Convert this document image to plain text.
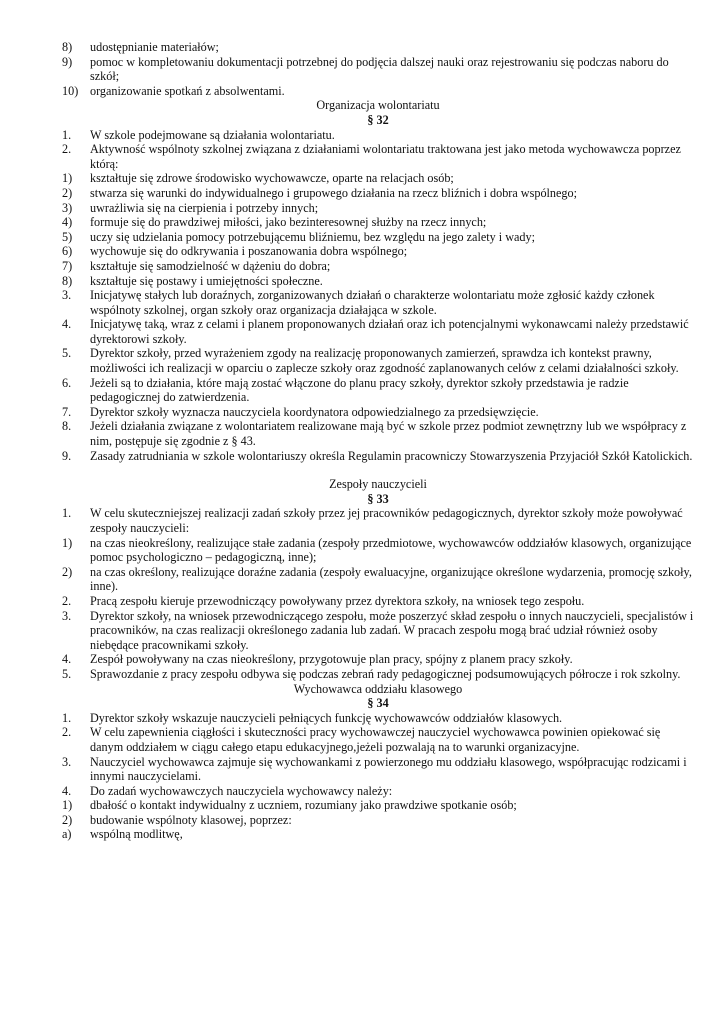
8) udostępnianie materiałów;
9) pomoc w kompletowaniu dokumentacji potrzebnej do podjęcia dalszej nauki oraz rejestrowaniu się podczas naboru do szkół;
10) organizowanie spotkań z absolwentami.
Organizacja wolontariatu
§ 32
1. W szkole podejmowane są działania wolontariatu.
2. Aktywność wspólnoty szkolnej związana z działaniami wolontariatu traktowana jest jako metoda wychowawcza poprzez którą:
1) kształtuje się zdrowe środowisko wychowawcze, oparte na relacjach osób;
2) stwarza się warunki do indywidualnego i grupowego działania na rzecz bliźnich i dobra wspólnego;
3) uwrażliwia się na cierpienia i potrzeby innych;
4) formuje się do prawdziwej miłości, jako bezinteresownej służby na rzecz innych;
5) uczy się udzielania pomocy potrzebującemu bliźniemu, bez względu na jego zalety i wady;
6) wychowuje się do odkrywania i poszanowania dobra wspólnego;
7) kształtuje się samodzielność w dążeniu do dobra;
8) kształtuje się postawy i umiejętności społeczne.
3. Inicjatywę stałych lub doraźnych, zorganizowanych działań o charakterze wolontariatu może zgłosić każdy członek wspólnoty szkolnej, organ szkoły oraz organizacja działająca w szkole.
4. Inicjatywę taką, wraz z celami i planem proponowanych działań oraz ich potencjalnymi wykonawcami należy przedstawić dyrektorowi szkoły.
5. Dyrektor szkoły, przed wyrażeniem zgody na realizację proponowanych zamierzeń, sprawdza ich kontekst prawny, możliwości ich realizacji w oparciu o zaplecze szkoły oraz zgodność zaplanowanych celów z celami działalności szkoły.
6. Jeżeli są to działania, które mają zostać włączone do planu pracy szkoły, dyrektor szkoły przedstawia je radzie pedagogicznej do zatwierdzenia.
7. Dyrektor szkoły wyznacza nauczyciela koordynatora odpowiedzialnego za przedsięwzięcie.
8. Jeżeli działania związane z wolontariatem realizowane mają być w szkole przez podmiot zewnętrzny lub we współpracy z nim, postępuje się zgodnie z § 43.
9. Zasady zatrudniania w szkole wolontariuszy określa Regulamin pracowniczy Stowarzyszenia Przyjaciół Szkół Katolickich.
Zespoły nauczycieli
§ 33
1. W celu skuteczniejszej realizacji zadań szkoły przez jej pracowników pedagogicznych, dyrektor szkoły może powoływać zespoły nauczycieli:
1) na czas nieokreślony, realizujące stałe zadania (zespoły przedmiotowe, wychowawców oddziałów klasowych, organizujące pomoc psychologiczno – pedagogiczną, inne);
2) na czas określony, realizujące doraźne zadania (zespoły ewaluacyjne, organizujące określone wydarzenia, promocję szkoły, inne).
2. Pracą zespołu kieruje przewodniczący powoływany przez dyrektora szkoły, na wniosek tego zespołu.
3. Dyrektor szkoły, na wniosek przewodniczącego zespołu, może poszerzyć skład zespołu o innych nauczycieli, specjalistów i pracowników, na czas realizacji określonego zadania lub zadań. W pracach zespołu mogą brać udział również osoby niebędące pracownikami szkoły.
4. Zespół powoływany na czas nieokreślony, przygotowuje plan pracy, spójny z planem pracy szkoły.
5. Sprawozdanie z pracy zespołu odbywa się podczas zebrań rady pedagogicznej podsumowujących półrocze i rok szkolny.
Wychowawca oddziału klasowego
§ 34
1. Dyrektor szkoły wskazuje nauczycieli pełniących funkcję wychowawców oddziałów klasowych.
2. W celu zapewnienia ciągłości i skuteczności pracy wychowawczej nauczyciel wychowawca powinien opiekować się danym oddziałem w ciągu całego etapu edukacyjnego,jeżeli pozwalają na to warunki organizacyjne.
3. Nauczyciel wychowawca zajmuje się wychowankami z powierzonego mu oddziału klasowego, współpracując rodzicami i innymi nauczycielami.
4. Do zadań wychowawczych nauczyciela wychowawcy należy:
1) dbałość o kontakt indywidualny z uczniem, rozumiany jako prawdziwe spotkanie osób;
2) budowanie wspólnoty klasowej, poprzez:
a) wspólną modlitwę,
